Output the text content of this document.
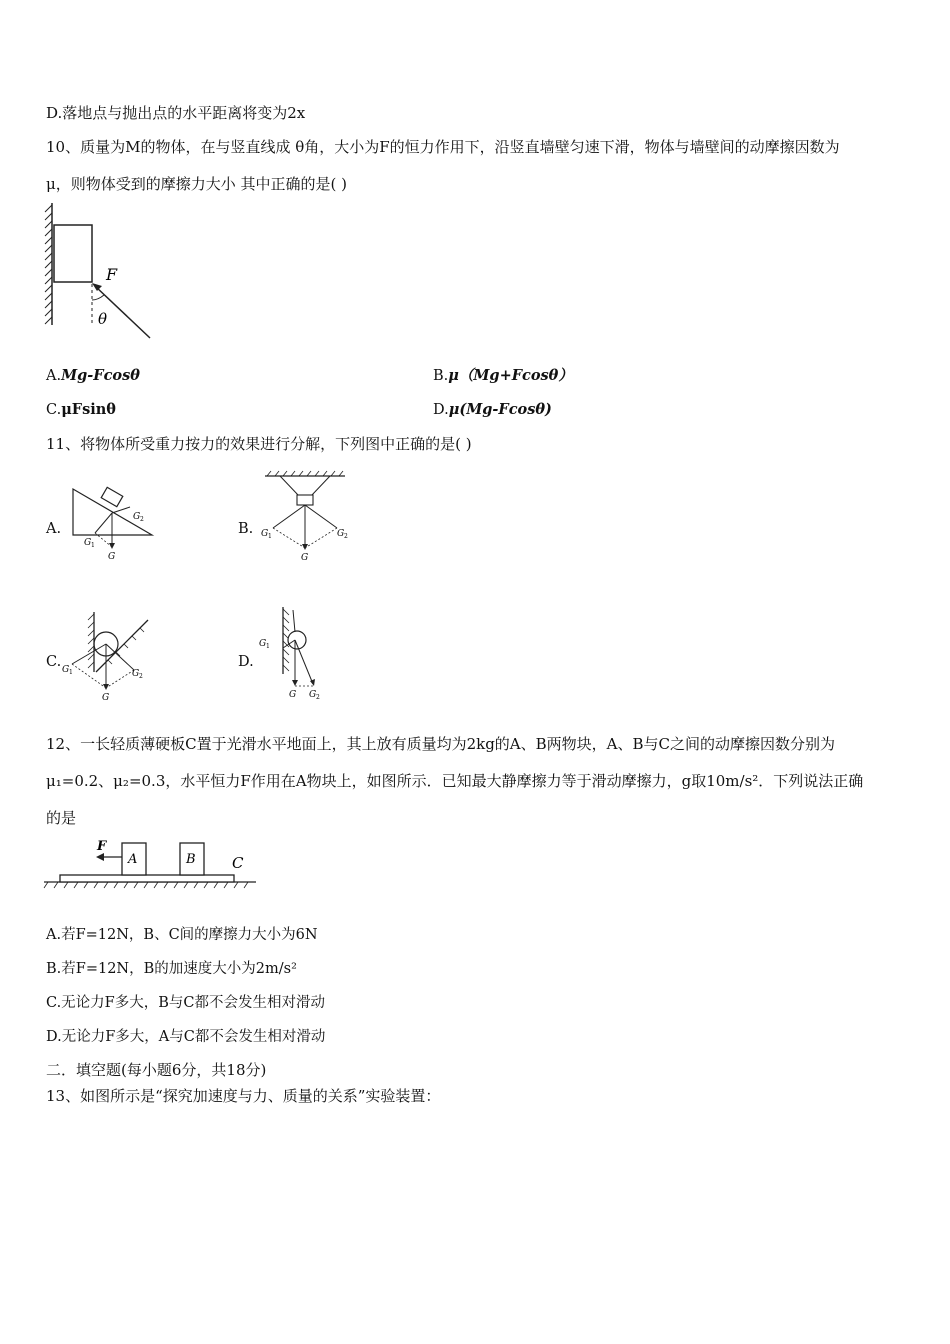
D.落地点与抛出点的水平距离将变为2x
10、质量为M的物体，在与竖直线成 θ角，大小为F的恒力作用下，沿竖直墙壁匀速下滑，物体与墙壁间的动摩擦因数为
μ，则物体受到的摩擦力大小 其中正确的是( )
F
θ
A.Mg-Fcosθ	B.μ（Mg+Fcosθ）
C.μFsinθ	D.μ(Mg-Fcosθ)
11、将物体所受重力按力的效果进行分解，下列图中正确的是( )
A.
G 2
G 1
G
B. G 1	G 2
G
C. G 1	G 2
G
D.
G 1
G G 2
12、一长轻质薄硬板C置于光滑水平地面上，其上放有质量均为2kg的A、B两物块，A、B与C之间的动摩擦因数分别为
μ₁=0.2、μ₂=0.3，水平恒力F作用在A物块上，如图所示．已知最大静摩擦力等于滑动摩擦力，g取10m/s²．下列说法正确
的是
F
A	B C
A.若F=12N，B、C间的摩擦力大小为6N
B.若F=12N，B的加速度大小为2m/s²
C.无论力F多大，B与C都不会发生相对滑动
D.无论力F多大，A与C都不会发生相对滑动
二．填空题(每小题6分，共18分)
13、如图所示是“探究加速度与力、质量的关系”实验装置：
